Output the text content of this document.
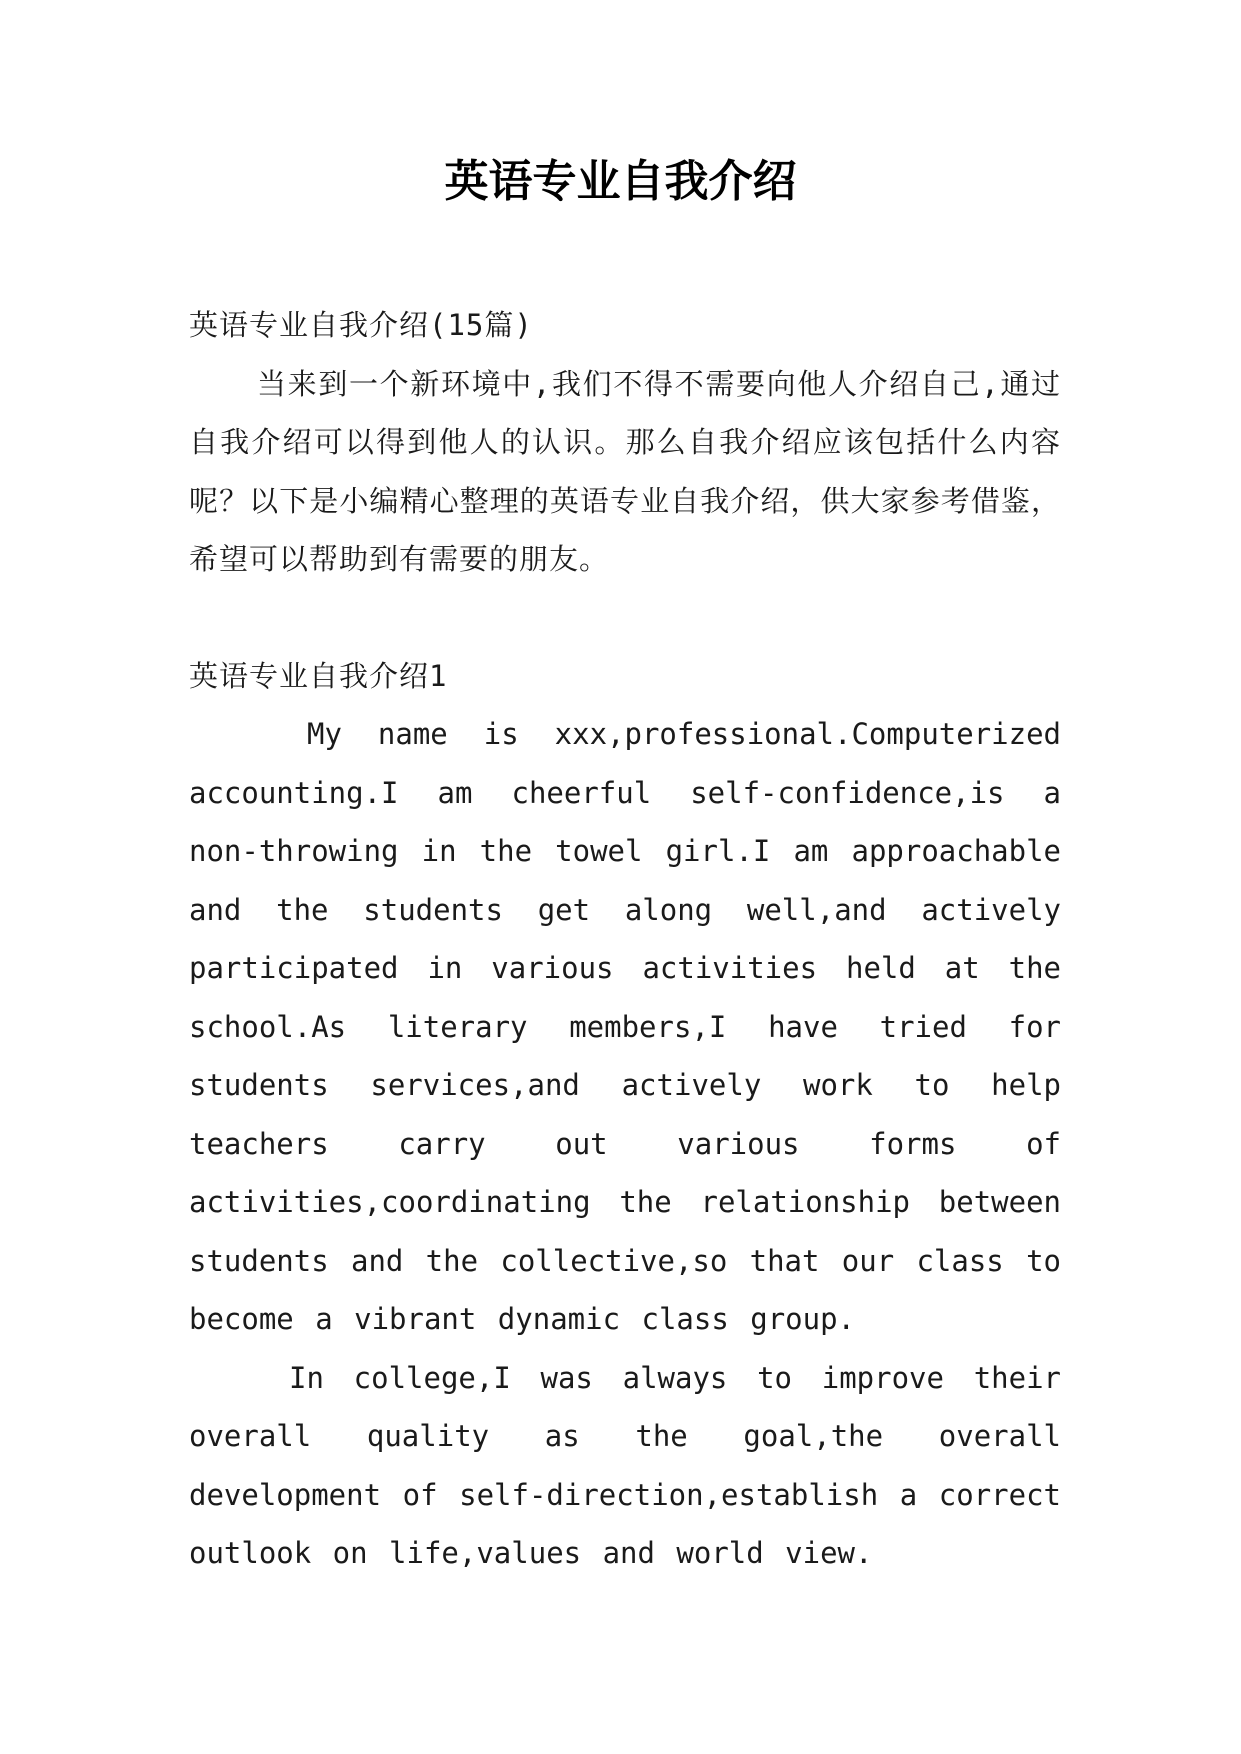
英语专业自我介绍

英语专业自我介绍(15篇)

当来到一个新环境中,我们不得不需要向他人介绍自己,通过自我介绍可以得到他人的认识。那么自我介绍应该包括什么内容呢？以下是小编精心整理的英语专业自我介绍，供大家参考借鉴，希望可以帮助到有需要的朋友。

英语专业自我介绍1

My name is xxx,professional.Computerized accounting.I am cheerful self-confidence,is a non-throwing in the towel girl.I am approachable and the students get along well,and actively participated in various activities held at the school.As literary members,I have tried for students services,and actively work to help teachers carry out various forms of activities,coordinating the relationship between students and the collective,so that our class to become a vibrant dynamic class group.

In college,I was always to improve their overall quality as the goal,the overall development of self-direction,establish a correct outlook on life,values and world view.
